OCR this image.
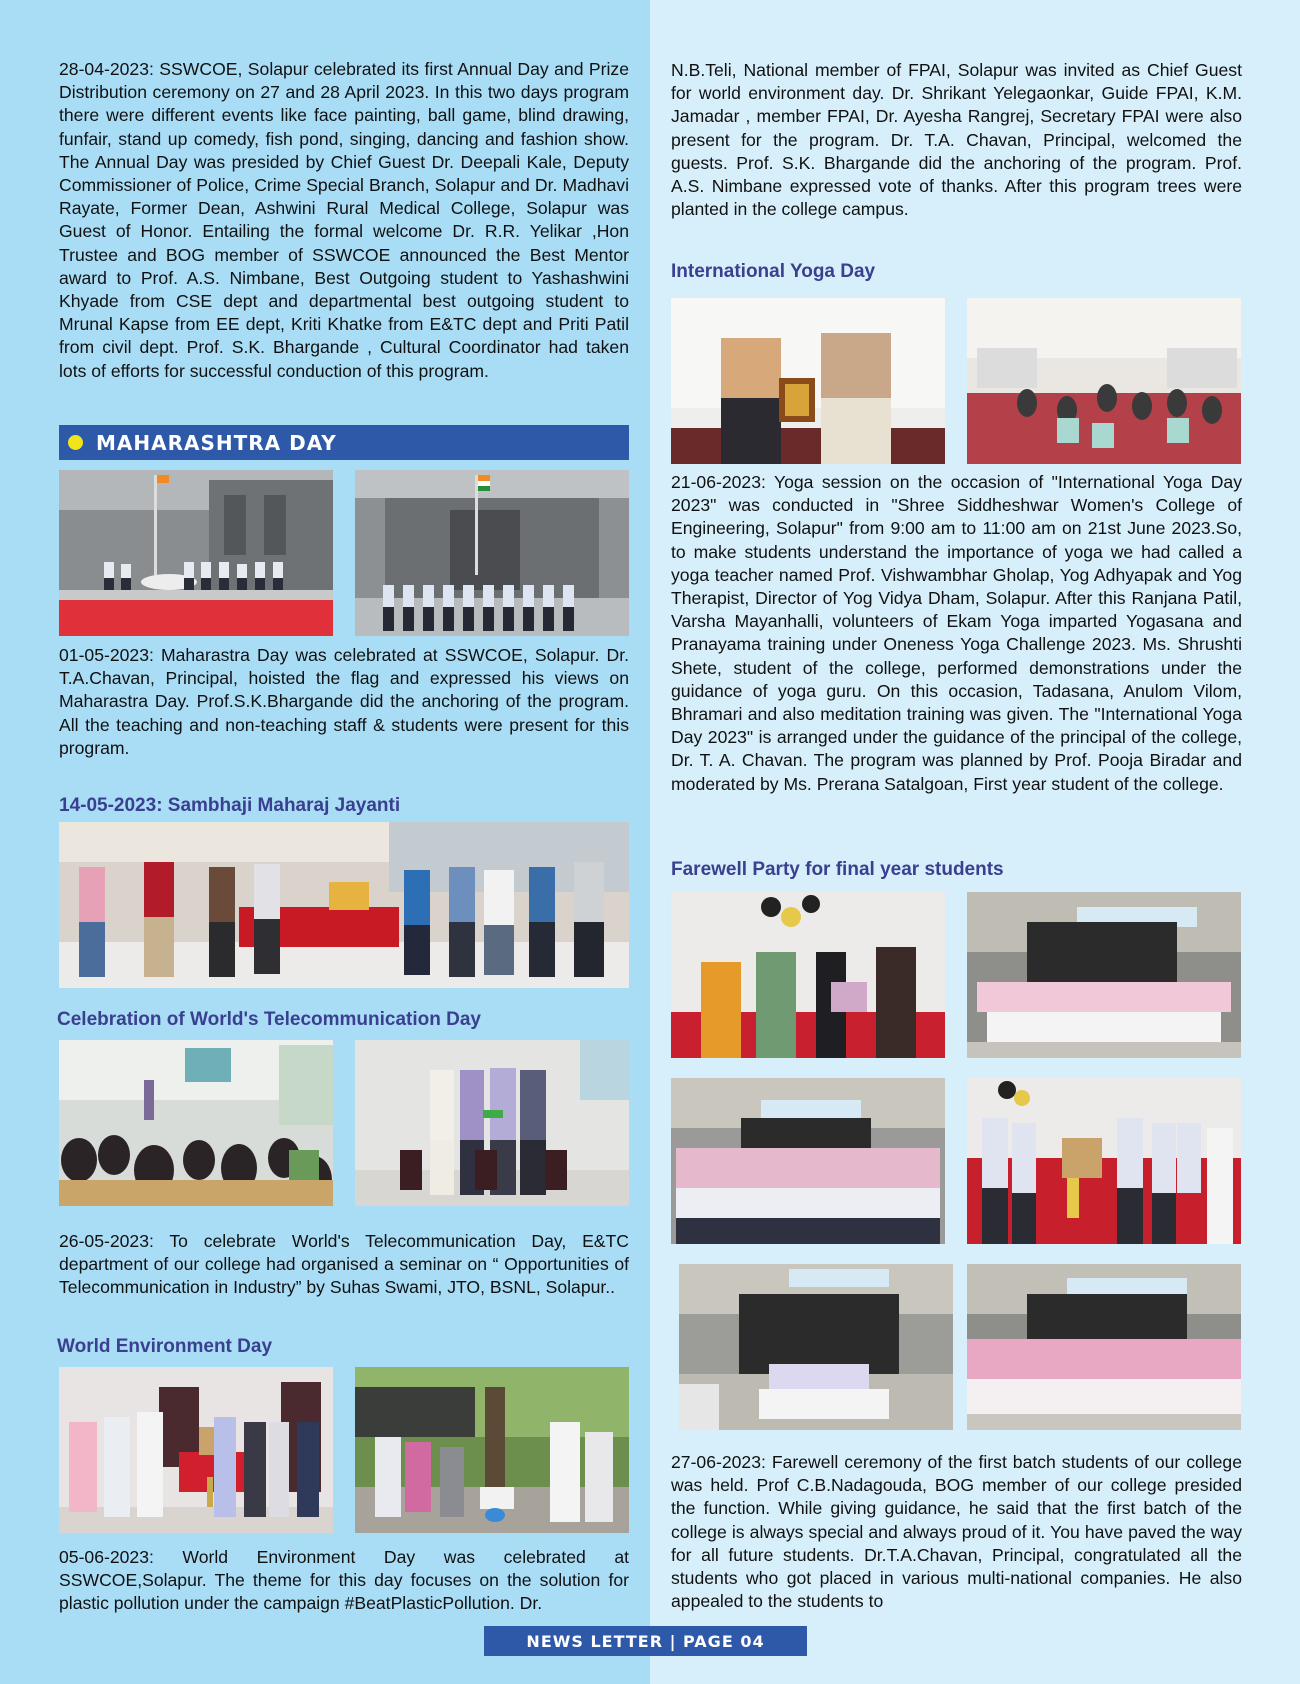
28-04-2023: SSWCOE, Solapur celebrated its first Annual Day and Prize Distribution ceremony on 27 and 28 April 2023. In this two days program there were different events like face painting, ball game, blind drawing, funfair, stand up comedy, fish pond, singing, dancing and fashion show. The Annual Day was presided by Chief Guest Dr. Deepali Kale, Deputy Commissioner of Police, Crime Special Branch, Solapur and Dr. Madhavi Rayate, Former Dean, Ashwini Rural Medical College, Solapur was Guest of Honor. Entailing the formal welcome Dr. R.R. Yelikar ,Hon Trustee and BOG member of SSWCOE announced the Best Mentor award to Prof. A.S. Nimbane, Best Outgoing student to Yashashwini Khyade from CSE dept and departmental best outgoing student to Mrunal Kapse from EE dept, Kriti Khatke from E&TC dept and Priti Patil from civil dept. Prof. S.K. Bhargande , Cultural Coordinator had taken lots of efforts for successful conduction of this program.

MAHARASHTRA DAY

01-05-2023: Maharastra Day was celebrated at SSWCOE, Solapur. Dr. T.A.Chavan, Principal, hoisted the flag and expressed his views on Maharastra Day. Prof.S.K.Bhargande did the anchoring of the program. All the teaching and non-teaching staff & students were present for this program.

14-05-2023: Sambhaji Maharaj Jayanti
Celebration of World's Telecommunication Day

26-05-2023: To celebrate World's Telecommunication Day, E&TC department of our college had organised a seminar on “ Opportunities of Telecommunication in Industry” by Suhas Swami, JTO, BSNL, Solapur..

World Environment Day

05-06-2023: World Environment Day was celebrated at SSWCOE,Solapur. The theme for this day focuses on the solution for plastic pollution under the campaign #BeatPlasticPollution. Dr.

N.B.Teli, National member of FPAI, Solapur was invited as Chief Guest for world environment day. Dr. Shrikant Yelegaonkar, Guide FPAI, K.M. Jamadar , member FPAI, Dr. Ayesha Rangrej, Secretary FPAI were also present for the program. Dr. T.A. Chavan, Principal, welcomed the guests. Prof. S.K. Bhargande did the anchoring of the program. Prof. A.S. Nimbane expressed vote of thanks. After this program trees were planted in the college campus.

International Yoga Day

21-06-2023: Yoga session on the occasion of "International Yoga Day 2023" was conducted in "Shree Siddheshwar Women's College of Engineering, Solapur" from 9:00 am to 11:00 am on 21st June 2023.So, to make students understand the importance of yoga we had called a yoga teacher named Prof. Vishwambhar Gholap, Yog Adhyapak and Yog Therapist, Director of Yog Vidya Dham, Solapur. After this Ranjana Patil, Varsha Mayanhalli, volunteers of Ekam Yoga imparted Yogasana and Pranayama training under Oneness Yoga Challenge 2023. Ms. Shrushti Shete, student of the college, performed demonstrations under the guidance of yoga guru. On this occasion, Tadasana, Anulom Vilom, Bhramari and also meditation training was given. The "International Yoga Day 2023" is arranged under the guidance of the principal of the college, Dr. T. A. Chavan. The program was planned by Prof. Pooja Biradar and moderated by Ms. Prerana Satalgoan, First year student of the college.

Farewell Party for final year students

27-06-2023: Farewell ceremony of the first batch students of our college was held. Prof C.B.Nadagouda, BOG member of our college presided the function. While giving guidance, he said that the first batch of the college is always special and always proud of it. You have paved the way for all future students. Dr.T.A.Chavan, Principal, congratulated all the students who got placed in various multi-national companies. He also appealed to the students to

NEWS LETTER | PAGE 04
